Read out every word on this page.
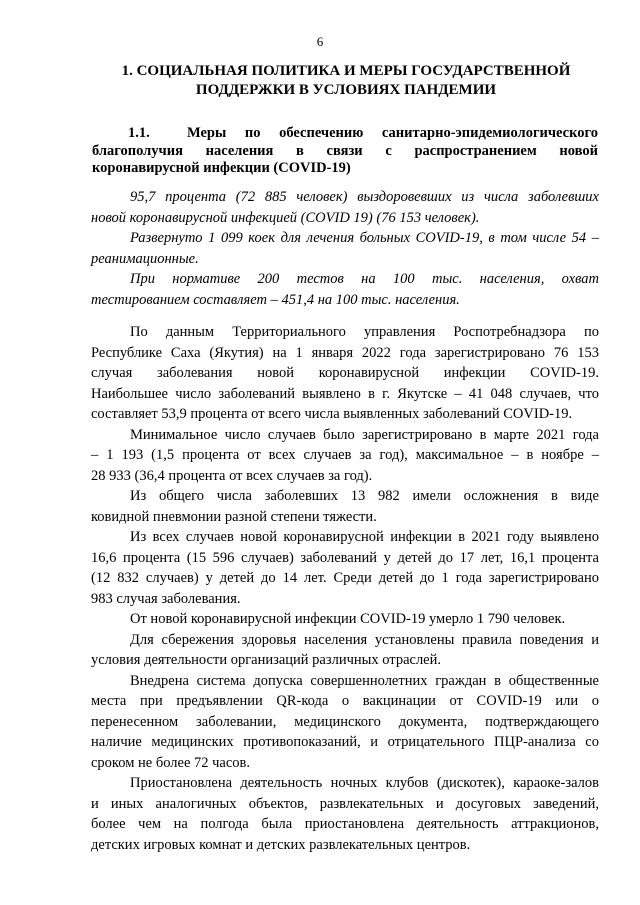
6
1. СОЦИАЛЬНАЯ ПОЛИТИКА И МЕРЫ ГОСУДАРСТВЕННОЙ
ПОДДЕРЖКИ В УСЛОВИЯХ ПАНДЕМИИ
1.1.	Меры по обеспечению санитарно-эпидемиологического
благополучия населения в связи с распространением новой
коронавирусной инфекции (COVID-19)
95,7 процента (72 885 человек) выздоровевших из числа заболевших
новой коронавирусной инфекцией (COVID 19) (76 153 человек).
Развернуто 1 099 коек для лечения больных COVID-19, в том числе 54 –
реанимационные.
При нормативе 200 тестов на 100 тыс. населения, охват
тестированием составляет – 451,4 на 100 тыс. населения.
По данным Территориального управления Роспотребнадзора по
Республике Саха (Якутия) на 1 января 2022 года зарегистрировано 76 153
случая заболевания новой коронавирусной инфекции COVID-19.
Наибольшее число заболеваний выявлено в г. Якутске – 41 048 случаев, что
составляет 53,9 процента от всего числа выявленных заболеваний COVID-19.
Минимальное число случаев было зарегистрировано в марте 2021 года
– 1 193 (1,5 процента от всех случаев за год), максимальное – в ноябре –
28 933 (36,4 процента от всех случаев за год).
Из общего числа заболевших 13 982 имели осложнения в виде
ковидной пневмонии разной степени тяжести.
Из всех случаев новой коронавирусной инфекции в 2021 году выявлено
16,6 процента (15 596 случаев) заболеваний у детей до 17 лет, 16,1 процента
(12 832 случаев) у детей до 14 лет. Среди детей до 1 года зарегистрировано
983 случая заболевания.
От новой коронавирусной инфекции COVID-19 умерло 1 790 человек.
Для сбережения здоровья населения установлены правила поведения и
условия деятельности организаций различных отраслей.
Внедрена система допуска совершеннолетних граждан в общественные
места при предъявлении QR-кода о вакцинации от COVID-19 или о
перенесенном заболевании, медицинского документа, подтверждающего
наличие медицинских противопоказаний, и отрицательного ПЦР-анализа со
сроком не более 72 часов.
Приостановлена деятельность ночных клубов (дискотек), караоке-залов
и иных аналогичных объектов, развлекательных и досуговых заведений,
более чем на полгода была приостановлена деятельность аттракционов,
детских игровых комнат и детских развлекательных центров.
